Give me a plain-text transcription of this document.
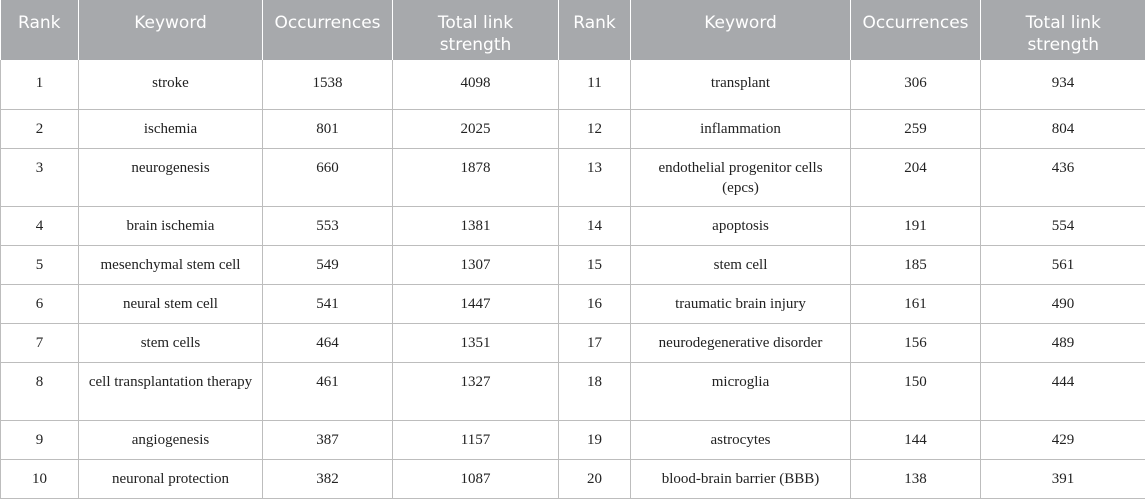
Rank	Keyword	Occurrences	Total link strength	Rank	Keyword	Occurrences	Total link strength
1	stroke	1538	4098	11	transplant	306	934
2	ischemia	801	2025	12	inflammation	259	804
3	neurogenesis	660	1878	13	endothelial progenitor cells (epcs)	204	436
4	brain ischemia	553	1381	14	apoptosis	191	554
5	mesenchymal stem cell	549	1307	15	stem cell	185	561
6	neural stem cell	541	1447	16	traumatic brain injury	161	490
7	stem cells	464	1351	17	neurodegenerative disorder	156	489
8	cell transplantation therapy	461	1327	18	microglia	150	444
9	angiogenesis	387	1157	19	astrocytes	144	429
10	neuronal protection	382	1087	20	blood-brain barrier (BBB)	138	391
